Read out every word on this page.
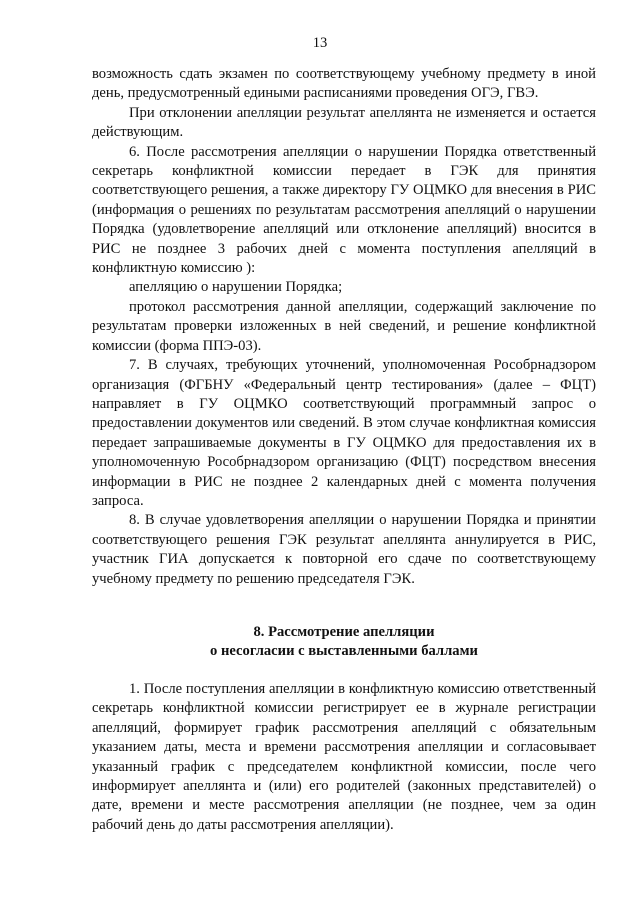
13

возможность сдать экзамен по соответствующему учебному предмету в иной день, предусмотренный едиными расписаниями проведения ОГЭ, ГВЭ.

При отклонении апелляции результат апеллянта не изменяется и остается действующим.

6. После рассмотрения апелляции о нарушении Порядка ответственный секретарь конфликтной комиссии передает в ГЭК для принятия соответствующего решения, а также директору ГУ ОЦМКО для внесения в РИС (информация о решениях по результатам рассмотрения апелляций о нарушении Порядка (удовлетворение апелляций или отклонение апелляций) вносится в РИС не позднее 3 рабочих дней с момента поступления апелляций в конфликтную комиссию ):

апелляцию о нарушении Порядка;

протокол рассмотрения данной апелляции, содержащий заключение по результатам проверки изложенных в ней сведений, и решение конфликтной комиссии (форма ППЭ-03).

7. В случаях, требующих уточнений, уполномоченная Рособрнадзором организация (ФГБНУ «Федеральный центр тестирования» (далее – ФЦТ) направляет в ГУ ОЦМКО соответствующий программный запрос о предоставлении документов или сведений. В этом случае конфликтная комиссия передает запрашиваемые документы в ГУ ОЦМКО для предоставления их в уполномоченную Рособрнадзором организацию (ФЦТ) посредством внесения информации в РИС не позднее 2 календарных дней с момента получения запроса.

8. В случае удовлетворения апелляции о нарушении Порядка и принятии соответствующего решения ГЭК результат апеллянта аннулируется в РИС, участник ГИА допускается к повторной его сдаче по соответствующему учебному предмету по решению председателя ГЭК.

8. Рассмотрение апелляции
о несогласии с выставленными баллами

1. После поступления апелляции в конфликтную комиссию ответственный секретарь конфликтной комиссии регистрирует ее в журнале регистрации апелляций, формирует график рассмотрения апелляций с обязательным указанием даты, места и времени рассмотрения апелляции и согласовывает указанный график с председателем конфликтной комиссии, после чего информирует апеллянта и (или) его родителей (законных представителей) о дате, времени и месте рассмотрения апелляции (не позднее, чем за один рабочий день до даты рассмотрения апелляции).
